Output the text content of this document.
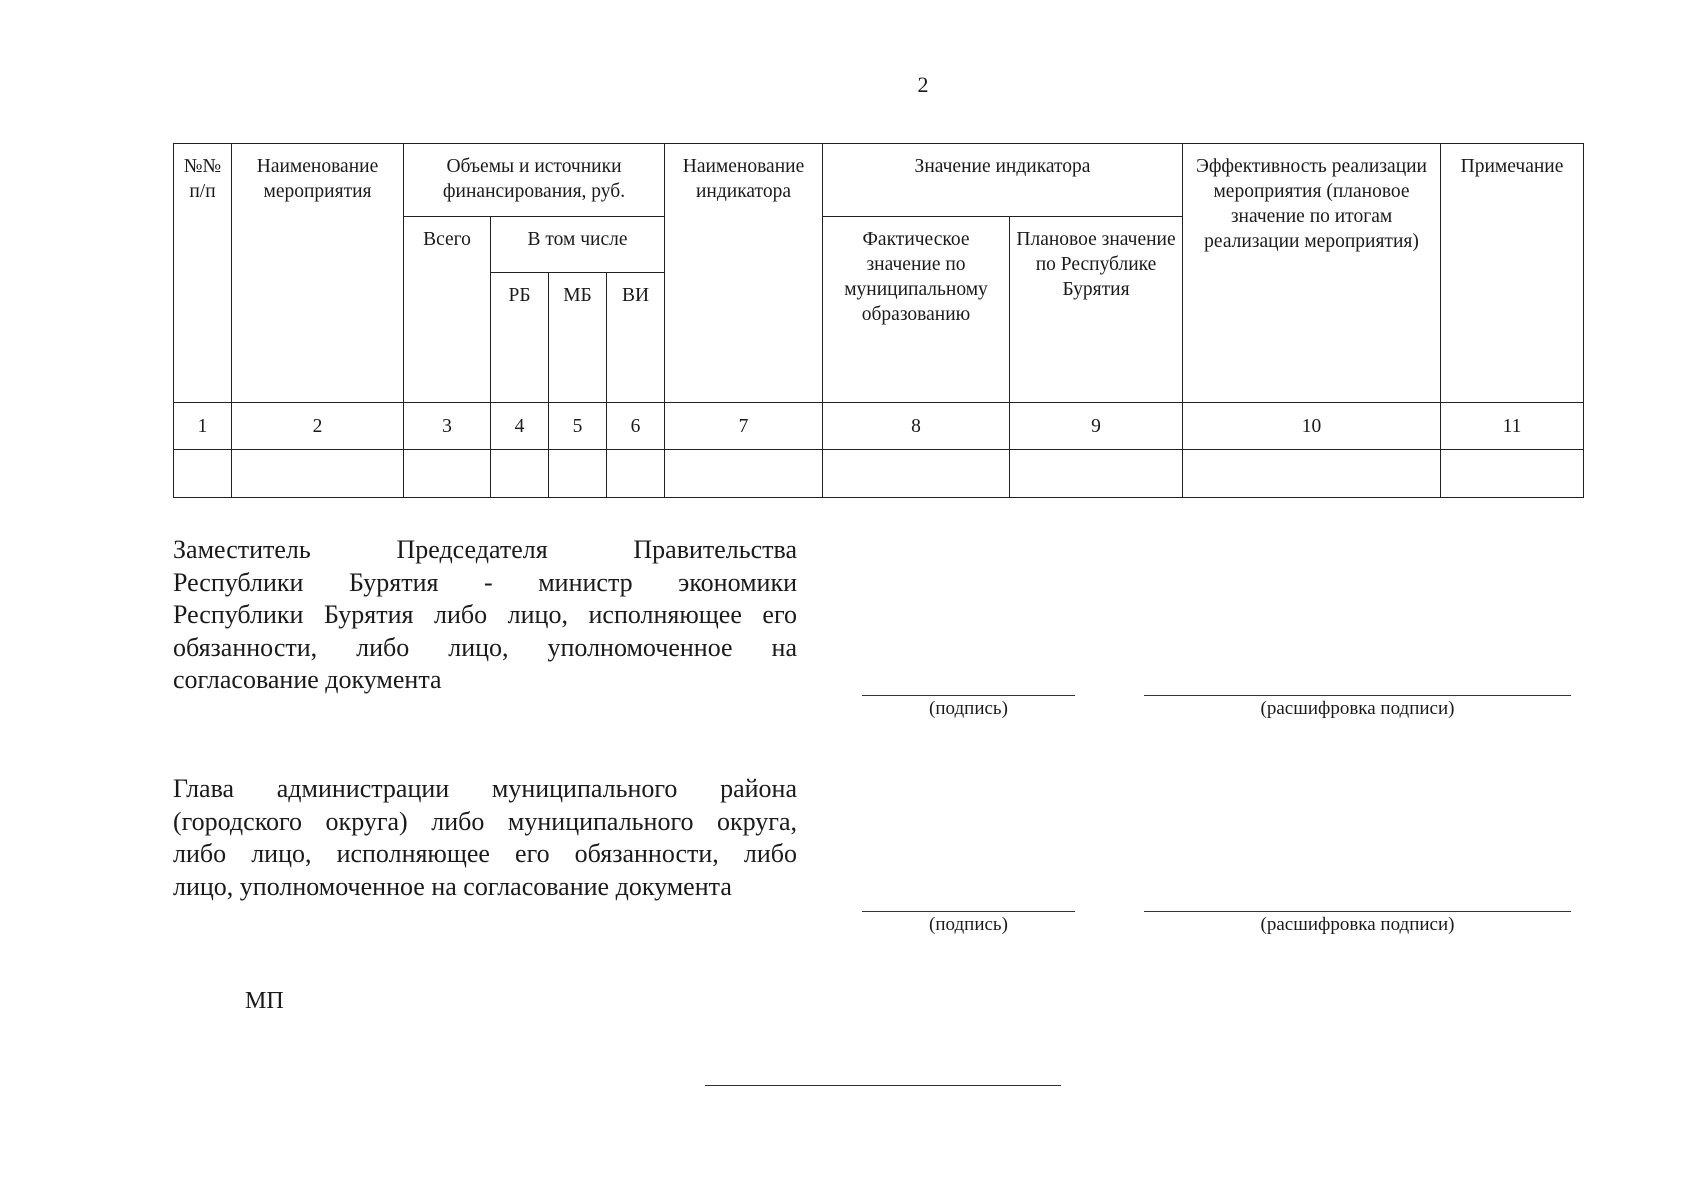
2
№№ п/п	Наименование мероприятия	Объемы и источники финансирования, руб.				Наименование индикатора	Значение индикатора		Эффективность реализации мероприятия (плановое значение по итогам реализации мероприятия)	Примечание
		Всего	В том числе				Фактическое значение по муниципальному образованию	Плановое значение по Республике Бурятия		
			РБ	МБ	ВИ					
1	2	3	4	5	6	7	8	9	10	11

Заместитель Председателя Правительства
Республики Бурятия - министр экономики
Республики Бурятия либо лицо, исполняющее его
обязанности, либо лицо, уполномоченное на
согласование документа
(подпись)	(расшифровка подписи)
Глава администрации муниципального района
(городского округа) либо муниципального округа,
либо лицо, исполняющее его обязанности, либо
лицо, уполномоченное на согласование документа
(подпись)	(расшифровка подписи)
МП
